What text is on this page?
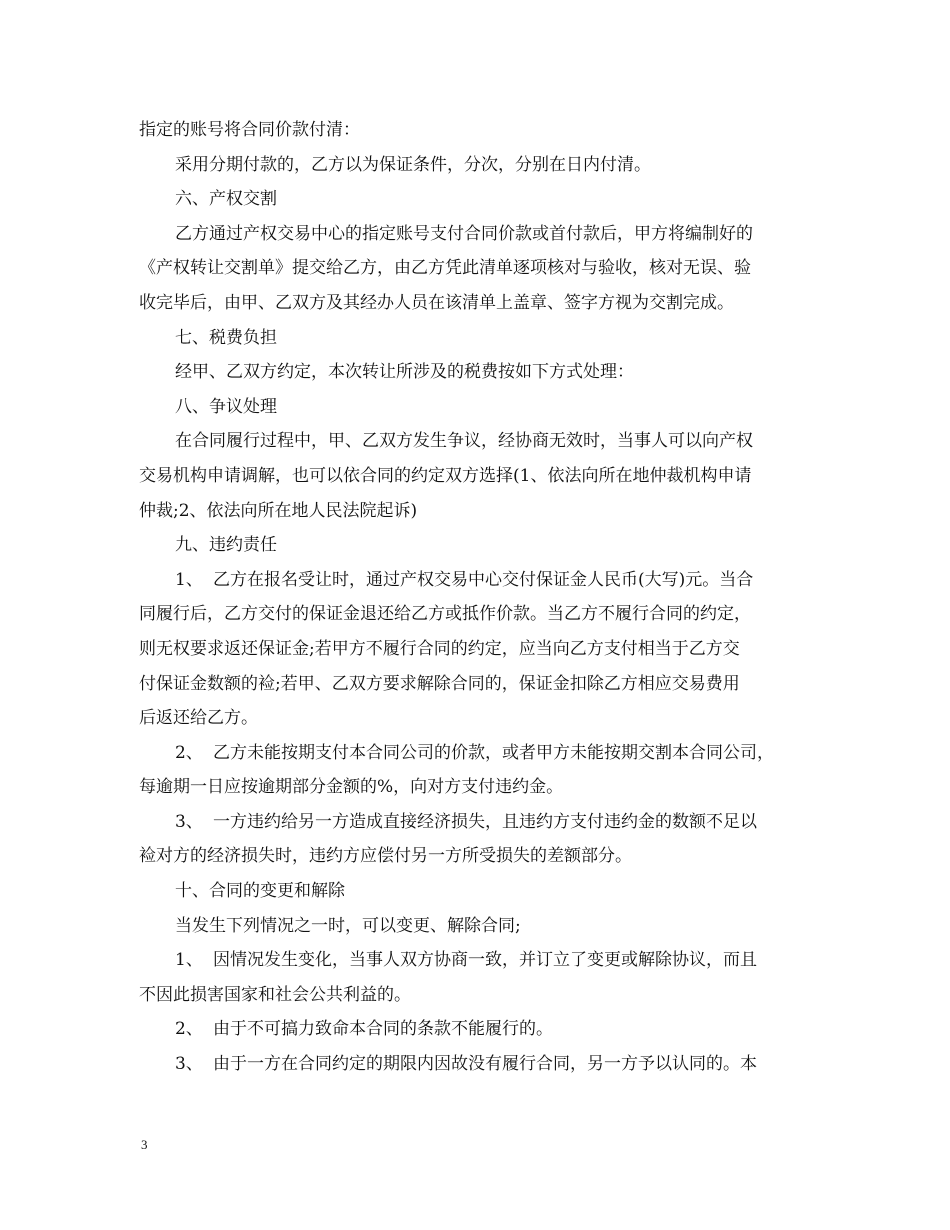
指定的账号将合同价款付清：
采用分期付款的，乙方以为保证条件，分次，分别在日内付清。
六、产权交割
乙方通过产权交易中心的指定账号支付合同价款或首付款后，甲方将编制好的
《产权转让交割单》提交给乙方，由乙方凭此清单逐项核对与验收，核对无误、验
收完毕后，由甲、乙双方及其经办人员在该清单上盖章、签字方视为交割完成。
七、税费负担
经甲、乙双方约定，本次转让所涉及的税费按如下方式处理：
八、争议处理
在合同履行过程中，甲、乙双方发生争议，经协商无效时，当事人可以向产权
交易机构申请调解，也可以依合同的约定双方选择(1、依法向所在地仲裁机构申请
仲裁;2、依法向所在地人民法院起诉)
九、违约责任
1、 乙方在报名受让时，通过产权交易中心交付保证金人民币(大写)元。当合
同履行后，乙方交付的保证金退还给乙方或抵作价款。当乙方不履行合同的约定，
则无权要求返还保证金;若甲方不履行合同的约定，应当向乙方支付相当于乙方交
付保证金数额的裣;若甲、乙双方要求解除合同的，保证金扣除乙方相应交易费用
后返还给乙方。
2、 乙方未能按期支付本合同公司的价款，或者甲方未能按期交割本合同公司，
每逾期一日应按逾期部分金额的%，向对方支付违约金。
3、 一方违约给另一方造成直接经济损失，且违约方支付违约金的数额不足以
裣对方的经济损失时，违约方应偿付另一方所受损失的差额部分。
十、合同的变更和解除
当发生下列情况之一时，可以变更、解除合同;
1、 因情况发生变化，当事人双方协商一致，并订立了变更或解除协议，而且
不因此损害国家和社会公共利益的。
2、 由于不可搞力致命本合同的条款不能履行的。
3、 由于一方在合同约定的期限内因故没有履行合同，另一方予以认同的。本
3
